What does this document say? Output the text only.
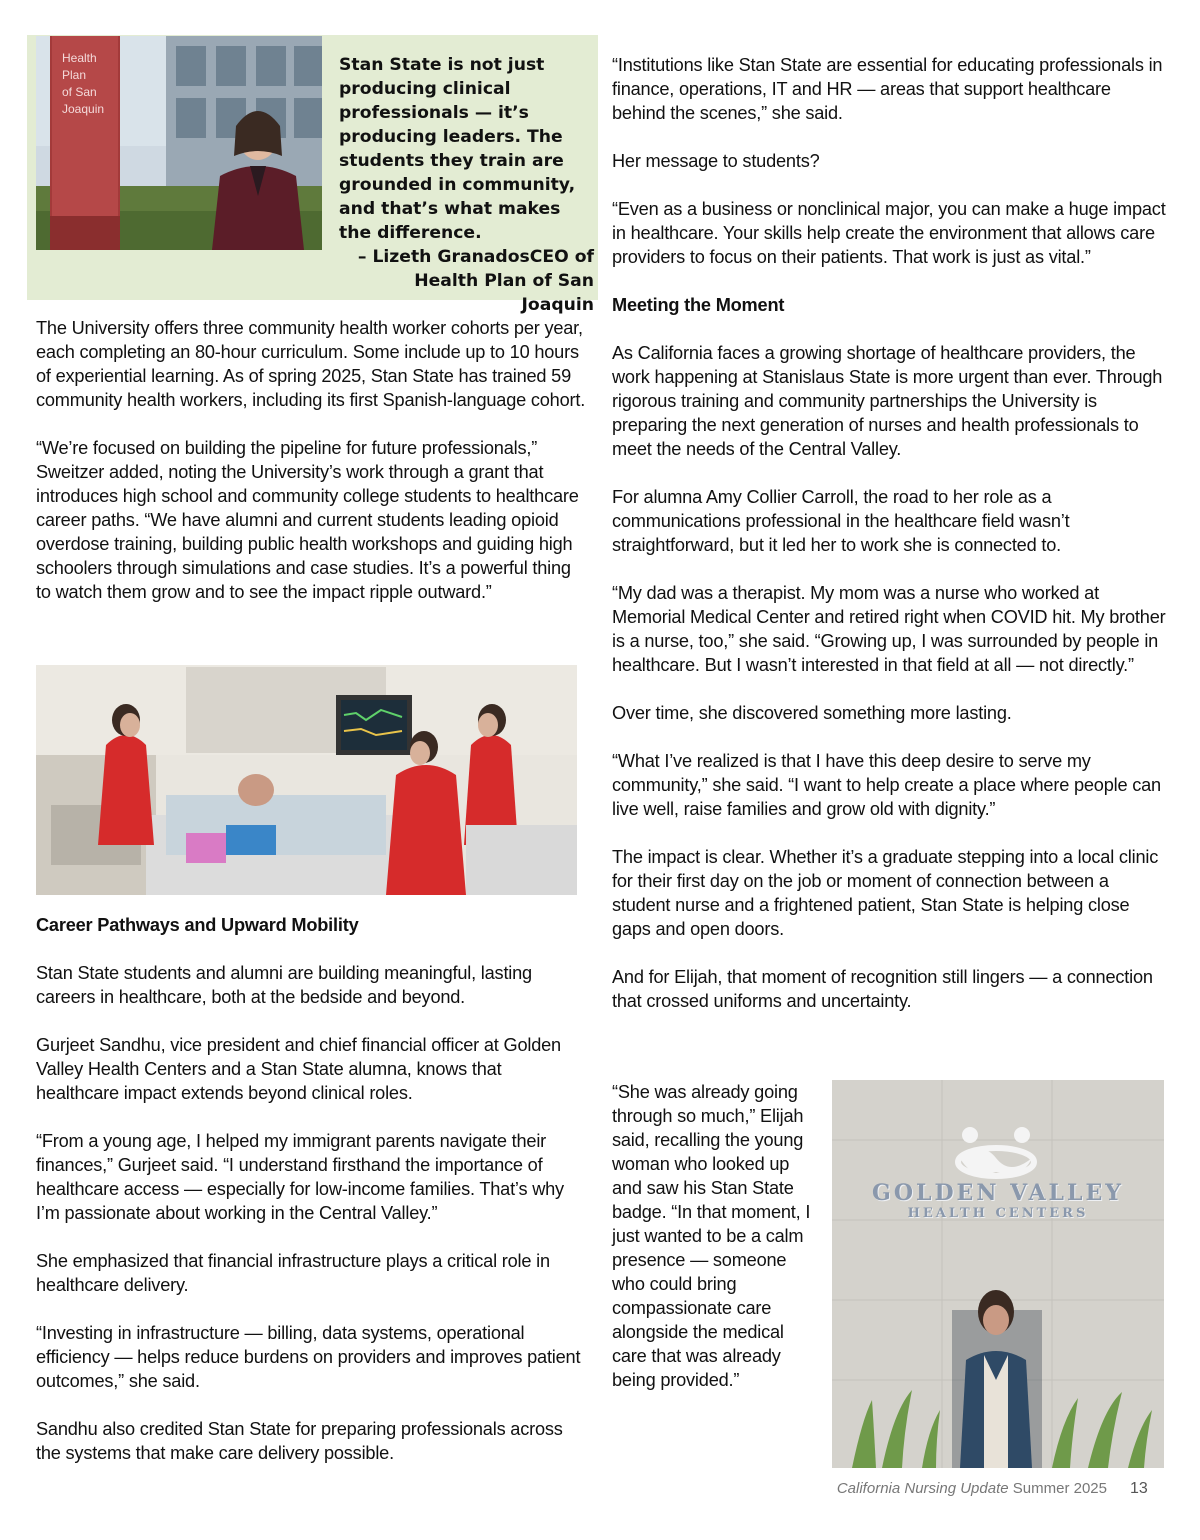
Health
Plan
of San
Joaquin
Stan State is not just producing clinical professionals — it’s producing leaders. The students they train are grounded in community, and that’s what makes the difference.
– Lizeth GranadosCEO of Health Plan of San Joaquin

The University offers three community health worker cohorts per year, each completing an 80-hour curriculum. Some include up to 10 hours of experiential learning. As of spring 2025, Stan State has trained 59 community health workers, including its first Spanish-language cohort.

“We’re focused on building the pipeline for future professionals,” Sweitzer added, noting the University’s work through a grant that introduces high school and community college students to healthcare career paths. “We have alumni and current students leading opioid overdose training, building public health workshops and guiding high schoolers through simulations and case studies. It’s a powerful thing to watch them grow and to see the impact ripple outward.”

Career Pathways and Upward Mobility

Stan State students and alumni are building meaningful, lasting careers in healthcare, both at the bedside and beyond.

Gurjeet Sandhu, vice president and chief financial officer at Golden Valley Health Centers and a Stan State alumna, knows that healthcare impact extends beyond clinical roles.

“From a young age, I helped my immigrant parents navigate their finances,” Gurjeet said. “I understand firsthand the importance of healthcare access — especially for low-income families. That’s why I’m passionate about working in the Central Valley.”

She emphasized that financial infrastructure plays a critical role in healthcare delivery.

“Investing in infrastructure — billing, data systems, operational efficiency — helps reduce burdens on providers and improves patient outcomes,” she said.

Sandhu also credited Stan State for preparing professionals across the systems that make care delivery possible.

“Institutions like Stan State are essential for educating professionals in finance, operations, IT and HR — areas that support healthcare behind the scenes,” she said.

Her message to students?

“Even as a business or nonclinical major, you can make a huge impact in healthcare. Your skills help create the environment that allows care providers to focus on their patients. That work is just as vital.”

Meeting the Moment

As California faces a growing shortage of healthcare providers, the work happening at Stanislaus State is more urgent than ever. Through rigorous training and community partnerships the University is preparing the next generation of nurses and health professionals to meet the needs of the Central Valley.

For alumna Amy Collier Carroll, the road to her role as a communications professional in the healthcare field wasn’t straightforward, but it led her to work she is connected to.

“My dad was a therapist. My mom was a nurse who worked at Memorial Medical Center and retired right when COVID hit. My brother is a nurse, too,” she said. “Growing up, I was surrounded by people in healthcare. But I wasn’t interested in that field at all — not directly.”

Over time, she discovered something more lasting.

“What I’ve realized is that I have this deep desire to serve my community,” she said. “I want to help create a place where people can live well, raise families and grow old with dignity.”

The impact is clear. Whether it’s a graduate stepping into a local clinic for their first day on the job or moment of connection between a student nurse and a frightened patient, Stan State is helping close gaps and open doors.

And for Elijah, that moment of recognition still lingers — a connection that crossed uniforms and uncertainty.

“She was already going through so much,” Elijah said, recalling the young woman who looked up and saw his Stan State badge. “In that moment, I just wanted to be a calm presence — someone who could bring compassionate care alongside the medical care that was already being provided.”

GOLDEN VALLEY
HEALTH CENTERS
California Nursing Update Summer 2025 13
